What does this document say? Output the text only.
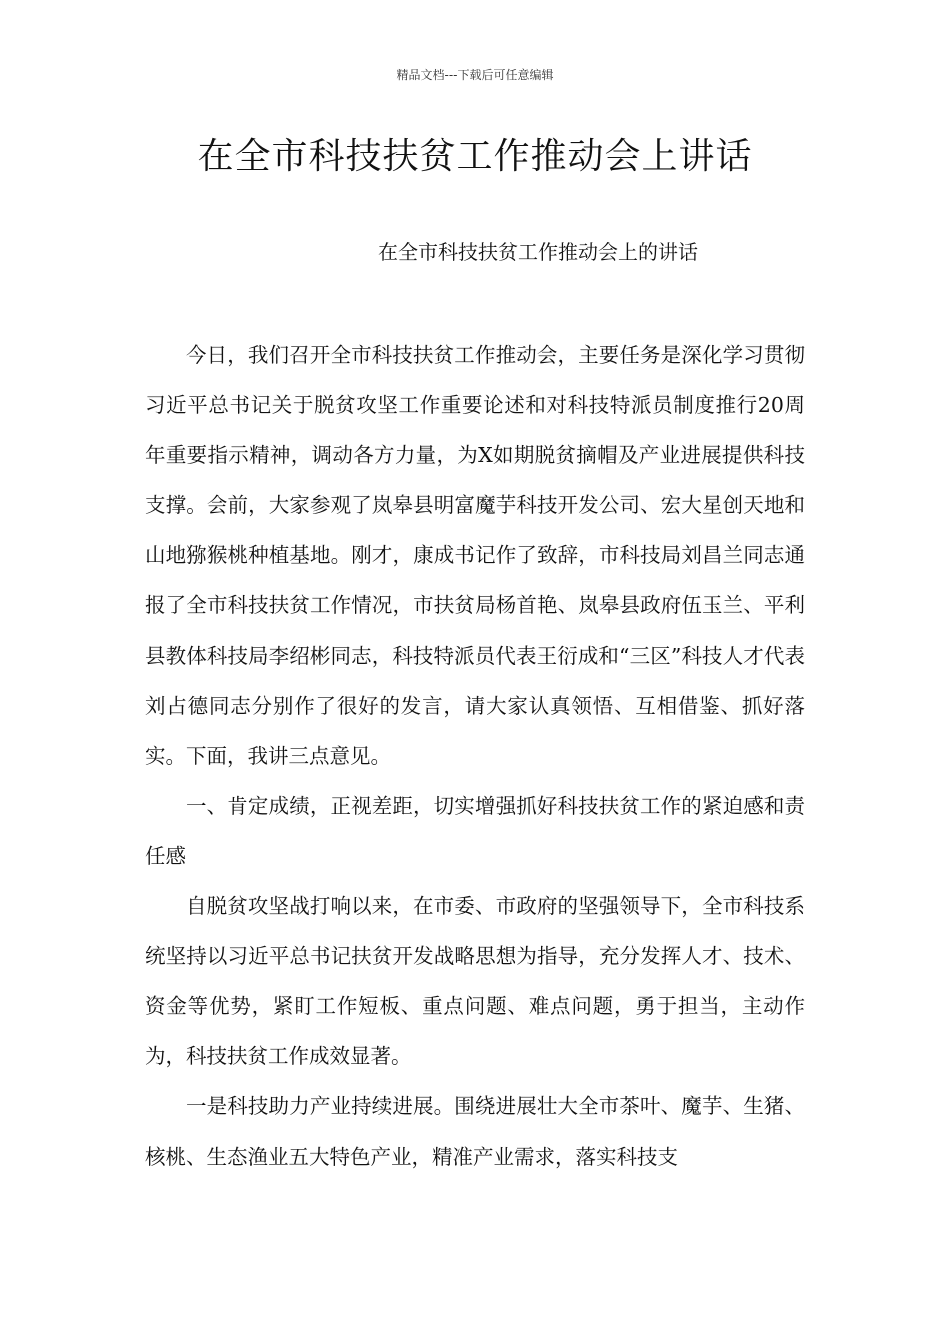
精品文档---下载后可任意编辑
在全市科技扶贫工作推动会上讲话
在全市科技扶贫工作推动会上的讲话

今日，我们召开全市科技扶贫工作推动会，主要任务是深化学习贯彻习近平总书记关于脱贫攻坚工作重要论述和对科技特派员制度推行20周年重要指示精神，调动各方力量，为X如期脱贫摘帽及产业进展提供科技支撑。会前，大家参观了岚皋县明富魔芋科技开发公司、宏大星创天地和山地猕猴桃种植基地。刚才，康成书记作了致辞，市科技局刘昌兰同志通报了全市科技扶贫工作情况，市扶贫局杨首艳、岚皋县政府伍玉兰、平利县教体科技局李绍彬同志，科技特派员代表王衍成和“三区”科技人才代表刘占德同志分别作了很好的发言，请大家认真领悟、互相借鉴、抓好落实。下面，我讲三点意见。

一、肯定成绩，正视差距，切实增强抓好科技扶贫工作的紧迫感和责任感

自脱贫攻坚战打响以来，在市委、市政府的坚强领导下，全市科技系统坚持以习近平总书记扶贫开发战略思想为指导，充分发挥人才、技术、资金等优势，紧盯工作短板、重点问题、难点问题，勇于担当，主动作为，科技扶贫工作成效显著。

一是科技助力产业持续进展。围绕进展壮大全市茶叶、魔芋、生猪、核桃、生态渔业五大特色产业，精准产业需求，落实科技支
